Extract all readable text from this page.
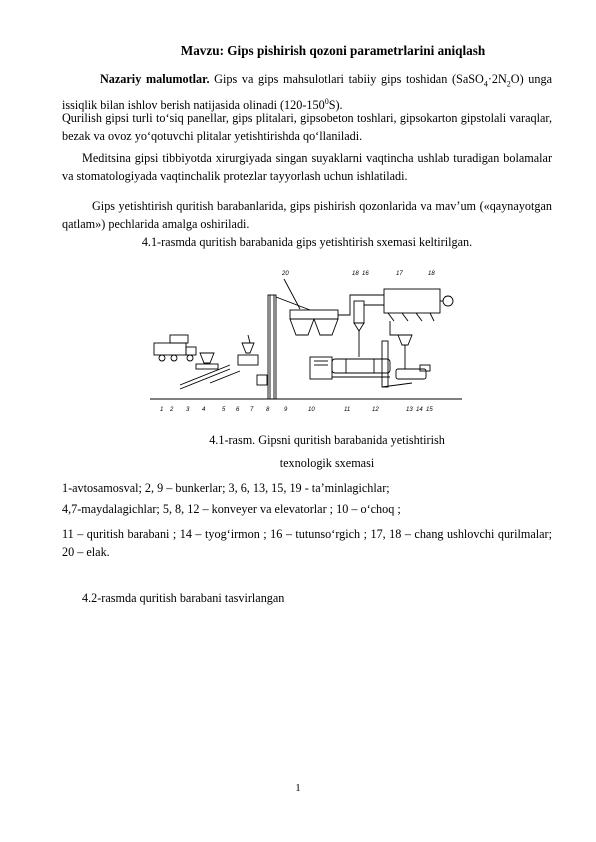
Mavzu: Gips pishirish qozoni parametrlarini aniqlash
Nazariy malumotlar. Gips va gips mahsulotlari tabiiy gips toshidan $(SaSO_4\cdot 2N_2O)$ unga issiqlik bilan ishlov berish natijasida olinadi $(120-150^0S)$.
Qurilish gipsi turli to‘siq panellar, gips plitalari, gipsobeton toshlari, gipsokarton gipstolali varaqlar, bezak va ovoz yo‘qotuvchi plitalar yetishtirishda qo‘llaniladi.
Meditsina gipsi tibbiyotda xirurgiyada singan suyaklarni vaqtincha ushlab turadigan bolamalar va stomatologiyada vaqtinchalik protezlar tayyorlash uchun ishlatiladi.
Gips yetishtirish quritish barabanlarida, gips pishirish qozonlarida va mav’um («qaynayotgan qatlam») pechlarida amalga oshiriladi.
4.1-rasmda quritish barabanida gips yetishtirish sxemasi keltirilgan.
20	18 16	17	18
1 2 3 4	5 6 7 8 9	10	11	12	13 14 15
4.1-rasm. Gipsni quritish barabanida yetishtirish
texnologik sxemasi
1-avtosamosval; 2, 9 – bunkerlar; 3, 6, 13, 15, 19 - ta’minlagichlar;
4,7-maydalagichlar; 5, 8, 12 – konveyer va elevatorlar ; 10 – o‘choq ;
11 – quritish barabani ; 14 – tyog‘irmon ; 16 – tutunso‘rgich ; 17, 18 – chang ushlovchi qurilmalar; 20 – elak.
4.2-rasmda quritish barabani tasvirlangan
1
